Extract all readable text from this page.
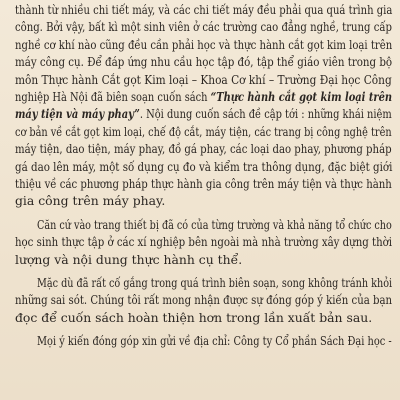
thành từ nhiều chi tiết máy, và các chi tiết máy đều phải qua quá trình gia
công. Bởi vậy, bất kì một sinh viên ở các trường cao đẳng nghề, trung cấp
nghề cơ khí nào cũng đều cần phải học và thực hành cắt gọt kim loại trên
máy công cụ. Để đáp ứng nhu cầu học tập đó, tập thể giáo viên trong bộ
môn Thực hành Cắt gọt Kim loại – Khoa Cơ khí – Trường Đại học Công
nghiệp Hà Nội đã biên soạn cuốn sách “Thực hành cắt gọt kim loại trên
máy tiện và máy phay”. Nội dung cuốn sách đề cập tới : những khái niệm
cơ bản về cắt gọt kim loại, chế độ cắt, máy tiện, các trang bị công nghệ trên
máy tiện, dao tiện, máy phay, đồ gá phay, các loại dao phay, phương pháp
gá dao lên máy, một số dụng cụ đo và kiểm tra thông dụng, đặc biệt giới
thiệu về các phương pháp thực hành gia công trên máy tiện và thực hành
gia công trên máy phay.
Căn cứ vào trang thiết bị đã có của từng trường và khả năng tổ chức cho
học sinh thực tập ở các xí nghiệp bên ngoài mà nhà trường xây dựng thời
lượng và nội dung thực hành cụ thể.
Mặc dù đã rất cố gắng trong quá trình biên soạn, song không tránh khỏi
những sai sót. Chúng tôi rất mong nhận được sự đóng góp ý kiến của bạn
đọc để cuốn sách hoàn thiện hơn trong lần xuất bản sau.
Mọi ý kiến đóng góp xin gửi về địa chỉ: Công ty Cổ phần Sách Đại học -
